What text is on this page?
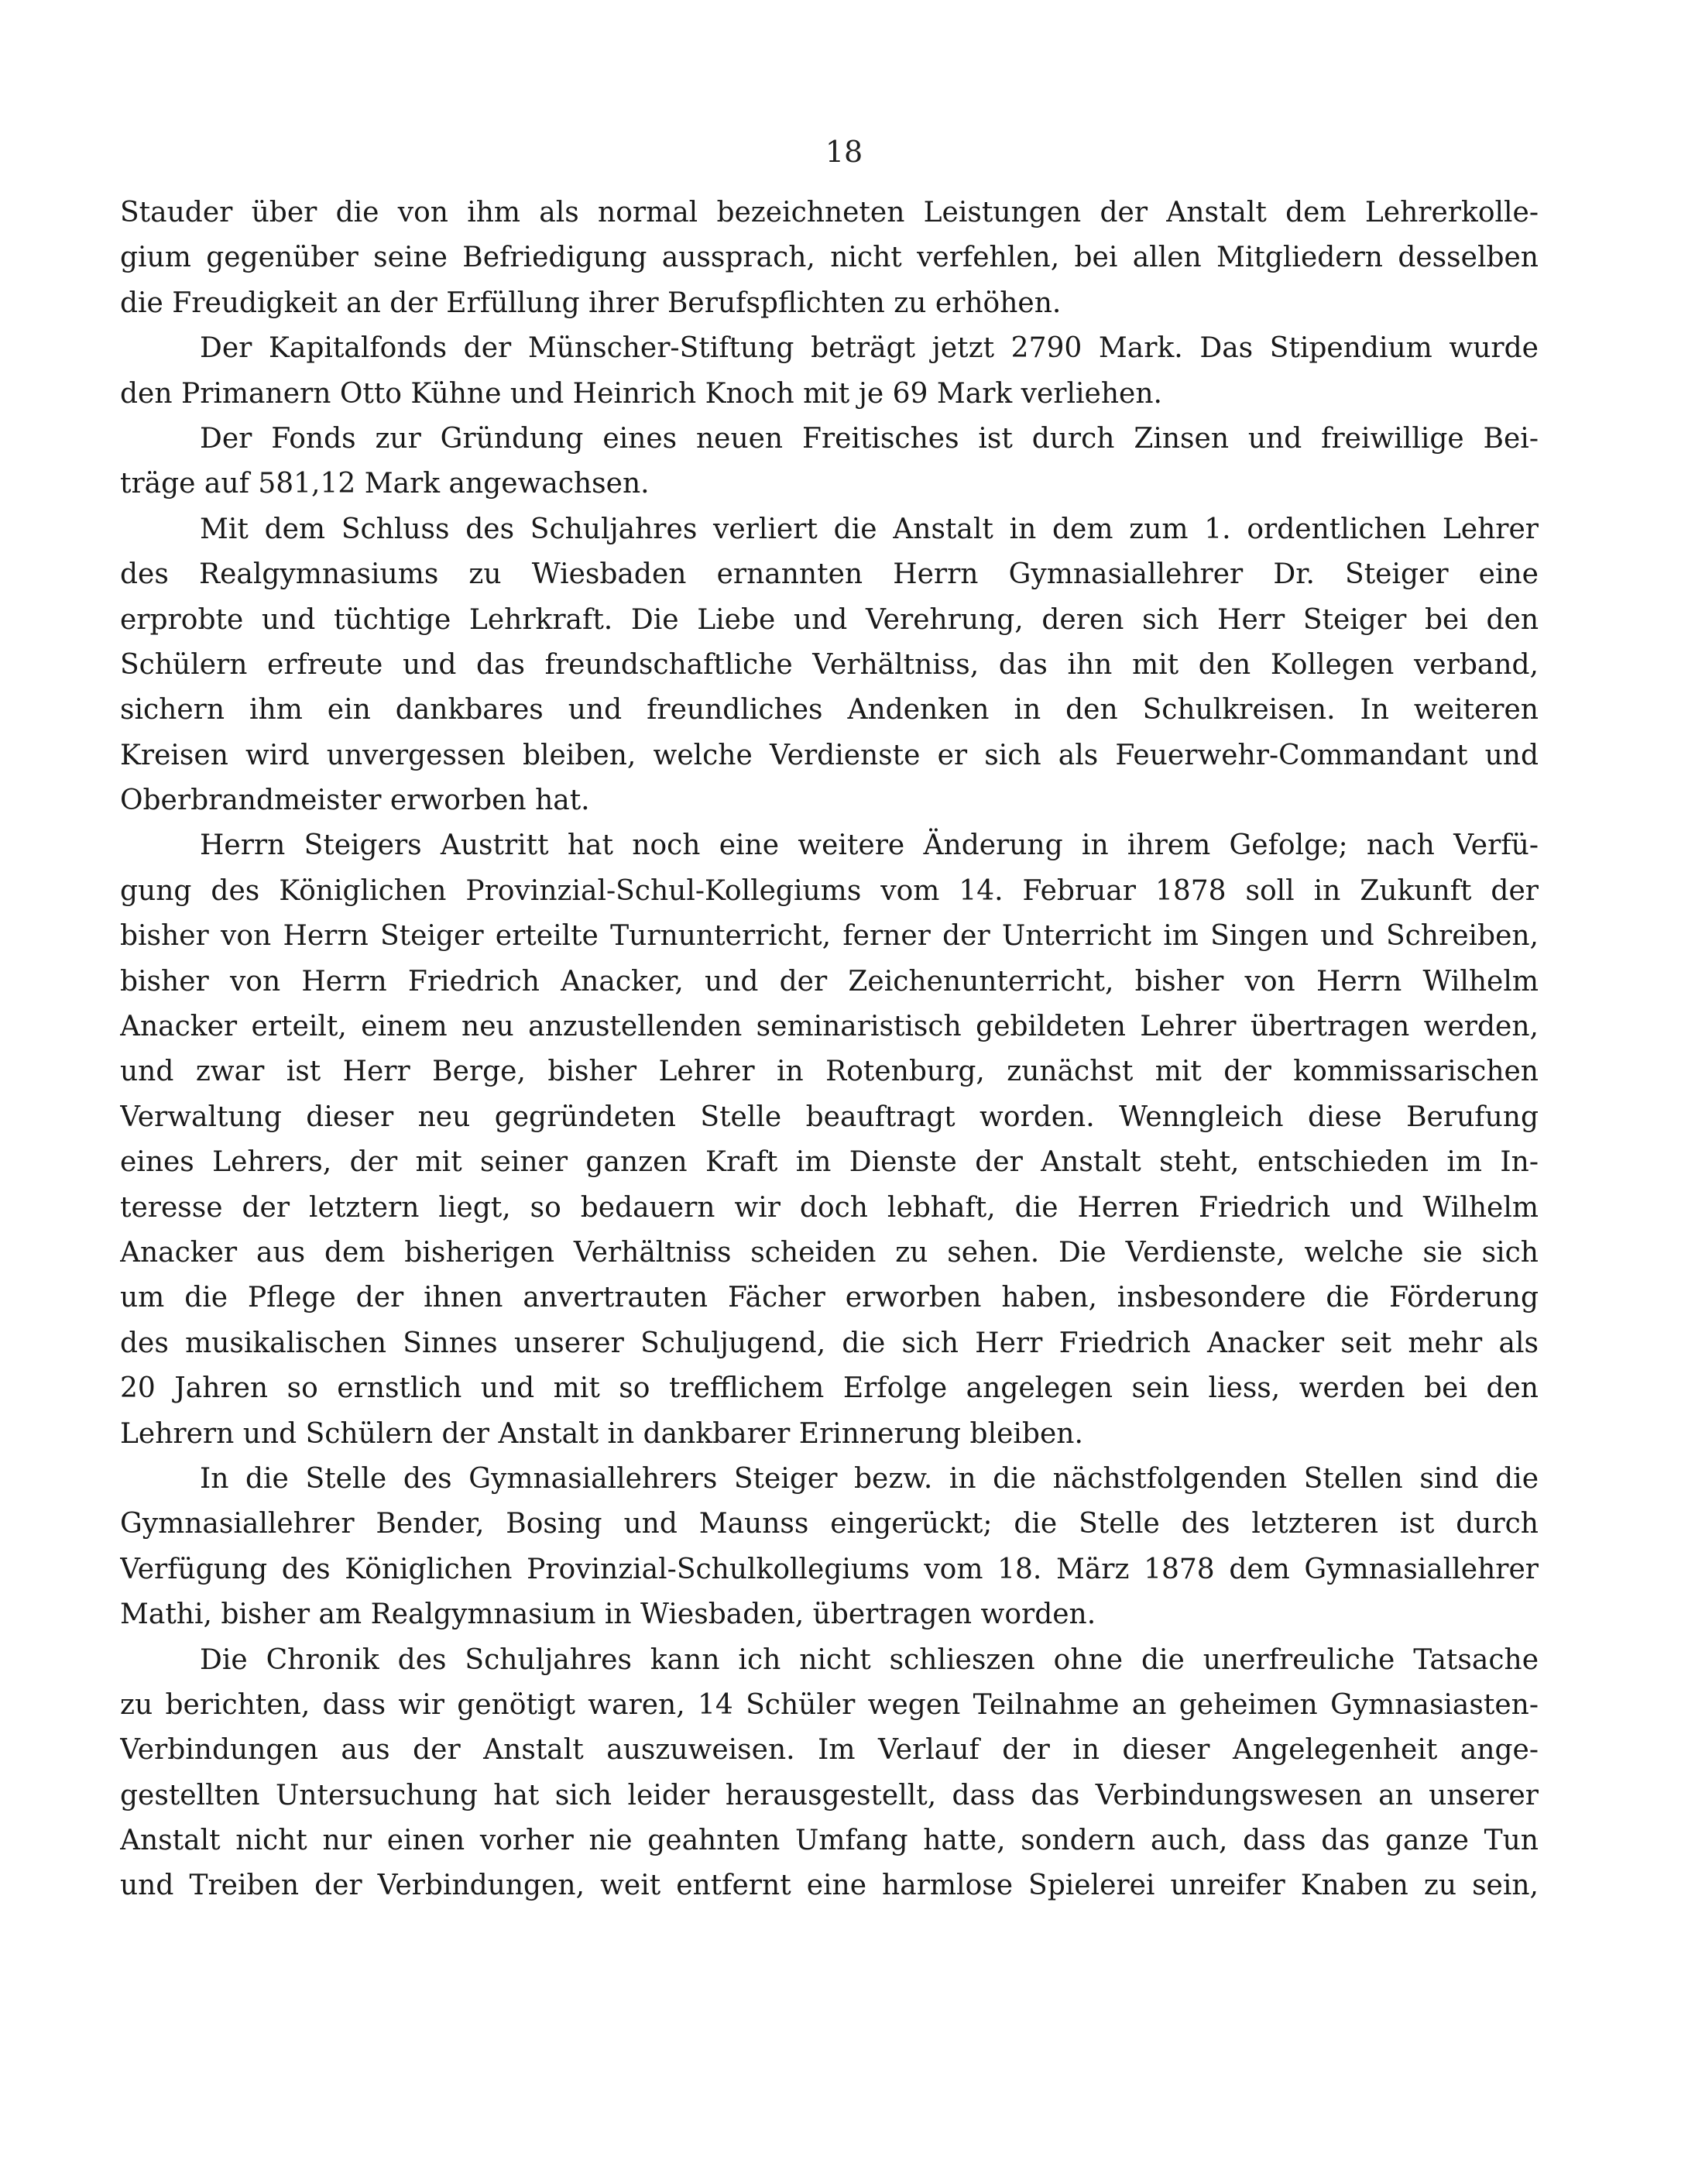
18
Stauder über die von ihm als normal bezeichneten Leistungen der Anstalt dem Lehrerkolle-
gium gegenüber seine Befriedigung aussprach, nicht verfehlen, bei allen Mitgliedern desselben
die Freudigkeit an der Erfüllung ihrer Berufspflichten zu erhöhen.
Der Kapitalfonds der Münscher-Stiftung beträgt jetzt 2790 Mark. Das Stipendium wurde
den Primanern Otto Kühne und Heinrich Knoch mit je 69 Mark verliehen.
Der Fonds zur Gründung eines neuen Freitisches ist durch Zinsen und freiwillige Bei-
träge auf 581,12 Mark angewachsen.
Mit dem Schluss des Schuljahres verliert die Anstalt in dem zum 1. ordentlichen Lehrer
des Realgymnasiums zu Wiesbaden ernannten Herrn Gymnasiallehrer Dr. Steiger eine
erprobte und tüchtige Lehrkraft. Die Liebe und Verehrung, deren sich Herr Steiger bei den
Schülern erfreute und das freundschaftliche Verhältniss, das ihn mit den Kollegen verband,
sichern ihm ein dankbares und freundliches Andenken in den Schulkreisen. In weiteren
Kreisen wird unvergessen bleiben, welche Verdienste er sich als Feuerwehr-Commandant und
Oberbrandmeister erworben hat.
Herrn Steigers Austritt hat noch eine weitere Änderung in ihrem Gefolge; nach Verfü-
gung des Königlichen Provinzial-Schul-Kollegiums vom 14. Februar 1878 soll in Zukunft der
bisher von Herrn Steiger erteilte Turnunterricht, ferner der Unterricht im Singen und Schreiben,
bisher von Herrn Friedrich Anacker, und der Zeichenunterricht, bisher von Herrn Wilhelm
Anacker erteilt, einem neu anzustellenden seminaristisch gebildeten Lehrer übertragen werden,
und zwar ist Herr Berge, bisher Lehrer in Rotenburg, zunächst mit der kommissarischen
Verwaltung dieser neu gegründeten Stelle beauftragt worden. Wenngleich diese Berufung
eines Lehrers, der mit seiner ganzen Kraft im Dienste der Anstalt steht, entschieden im In-
teresse der letztern liegt, so bedauern wir doch lebhaft, die Herren Friedrich und Wilhelm
Anacker aus dem bisherigen Verhältniss scheiden zu sehen. Die Verdienste, welche sie sich
um die Pflege der ihnen anvertrauten Fächer erworben haben, insbesondere die Förderung
des musikalischen Sinnes unserer Schuljugend, die sich Herr Friedrich Anacker seit mehr als
20 Jahren so ernstlich und mit so trefflichem Erfolge angelegen sein liess, werden bei den
Lehrern und Schülern der Anstalt in dankbarer Erinnerung bleiben.
In die Stelle des Gymnasiallehrers Steiger bezw. in die nächstfolgenden Stellen sind die
Gymnasiallehrer Bender, Bosing und Maunss eingerückt; die Stelle des letzteren ist durch
Verfügung des Königlichen Provinzial-Schulkollegiums vom 18. März 1878 dem Gymnasiallehrer
Mathi, bisher am Realgymnasium in Wiesbaden, übertragen worden.
Die Chronik des Schuljahres kann ich nicht schlieszen ohne die unerfreuliche Tatsache
zu berichten, dass wir genötigt waren, 14 Schüler wegen Teilnahme an geheimen Gymnasiasten-
Verbindungen aus der Anstalt auszuweisen. Im Verlauf der in dieser Angelegenheit ange-
gestellten Untersuchung hat sich leider herausgestellt, dass das Verbindungswesen an unserer
Anstalt nicht nur einen vorher nie geahnten Umfang hatte, sondern auch, dass das ganze Tun
und Treiben der Verbindungen, weit entfernt eine harmlose Spielerei unreifer Knaben zu sein,
